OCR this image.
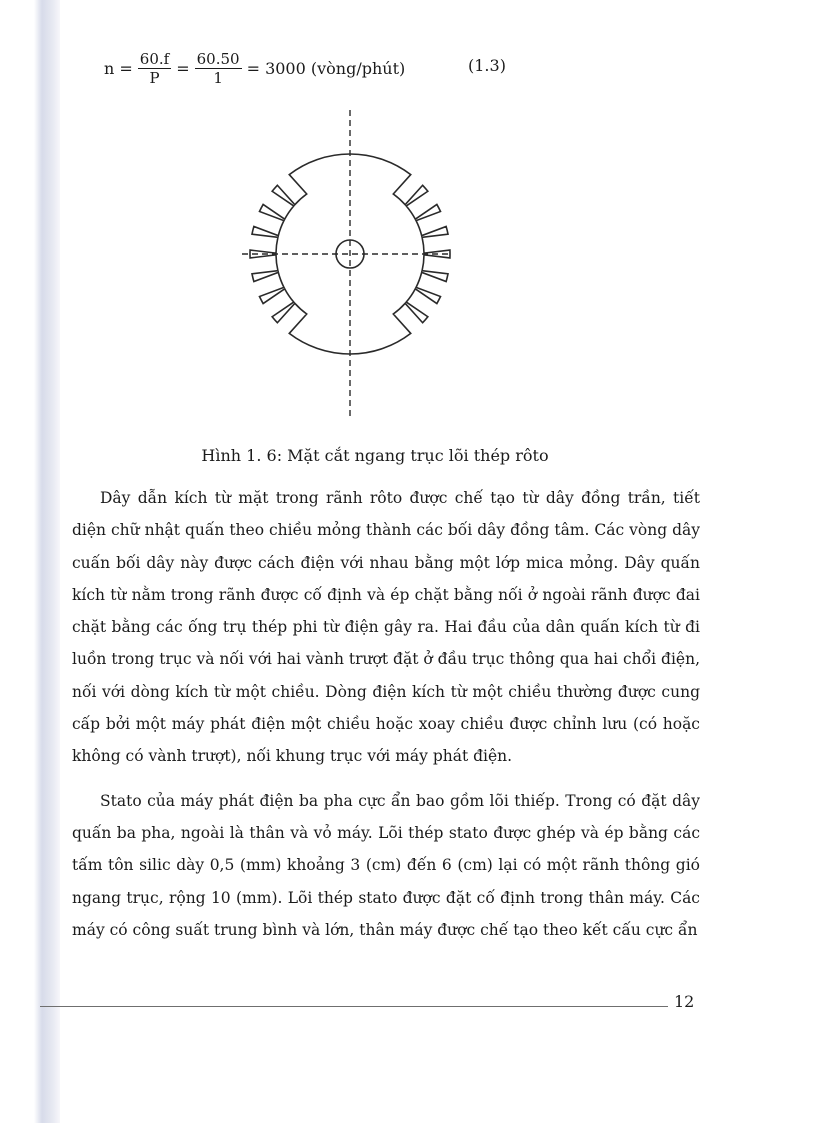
$n = \frac{60.f}{P} = \frac{60.50}{1} = 3000$ (vòng/phút)	(1.3)
Hình 1. 6: Mặt cắt ngang trục lõi thép rôto

Dây dẫn kích từ mặt trong rãnh rôto được chế tạo từ dây đồng trần, tiết diện chữ nhật quấn theo chiều mỏng thành các bối dây đồng tâm. Các vòng dây cuấn bối dây này được cách điện với nhau bằng một lớp mica mỏng. Dây quấn kích từ nằm trong rãnh được cố định và ép chặt bằng nối ở ngoài rãnh được đai chặt bằng các ống trụ thép phi từ điện gây ra. Hai đầu của dân quấn kích từ đi luồn trong trục và nối với hai vành trượt đặt ở đầu trục thông qua hai chổi điện, nối với dòng kích từ một chiều. Dòng điện kích từ một chiều thường được cung cấp bởi một máy phát điện một chiều hoặc xoay chiều được chỉnh lưu (có hoặc không có vành trượt), nối khung trục với máy phát điện.

Stato của máy phát điện ba pha cực ẩn bao gồm lõi thiếp. Trong có đặt dây quấn ba pha, ngoài là thân và vỏ máy. Lõi thép stato được ghép và ép bằng các tấm tôn silic dày 0,5 (mm) khoảng 3 (cm) đến 6 (cm) lại có một rãnh thông gió ngang trục, rộng 10 (mm). Lõi thép stato được đặt cố định trong thân máy. Các máy có công suất trung bình và lớn, thân máy được chế tạo theo kết cấu cực ẩn

12
